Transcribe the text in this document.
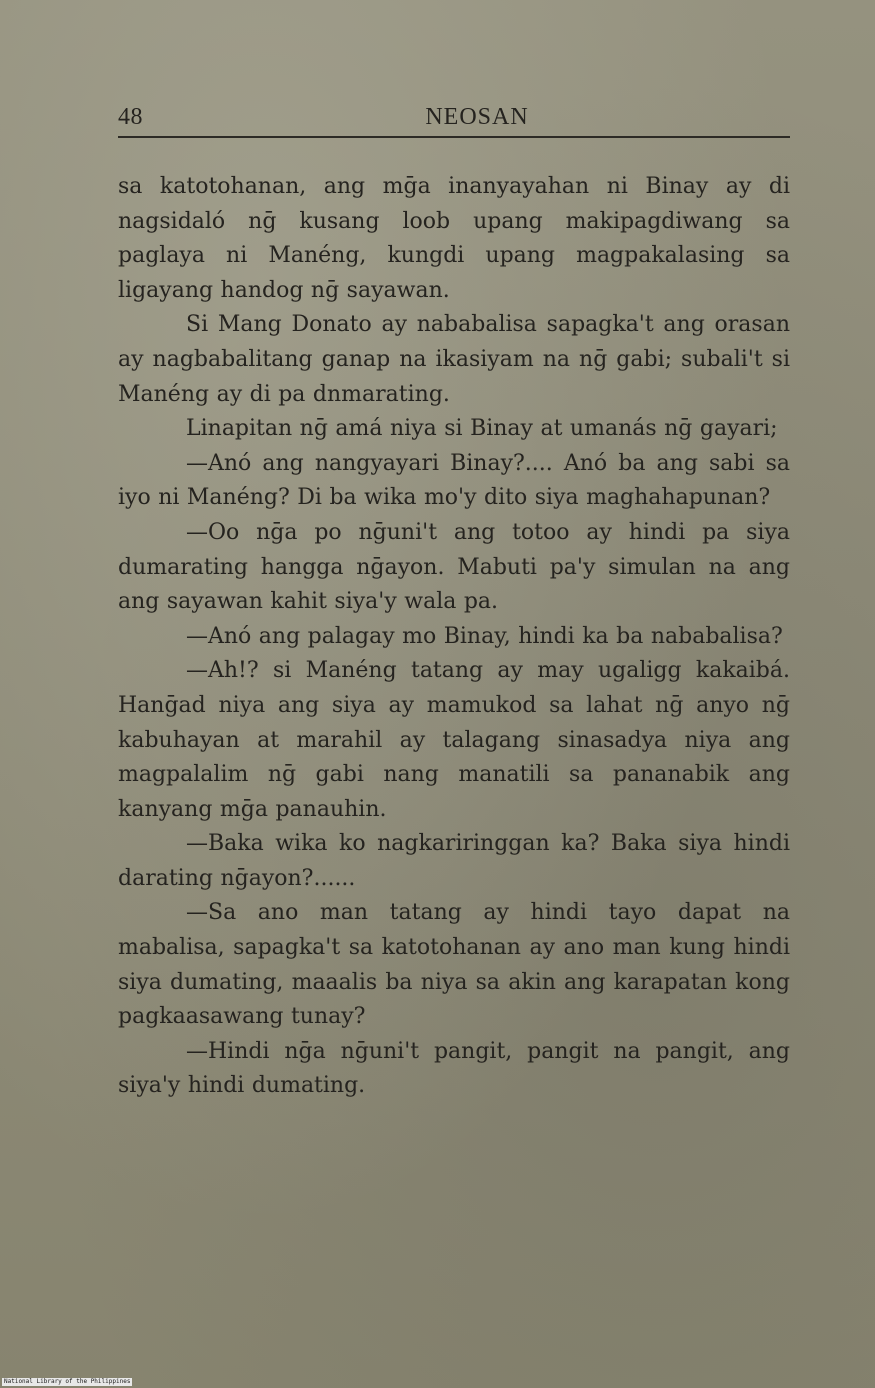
48	NEOSAN

sa katotohanan, ang mḡa inanyayahan ni Binay ay di nagsidaló nḡ kusang loob upang makipagdiwang sa paglaya ni Manéng, kungdi upang magpakalasing sa ligayang handog nḡ sayawan.

Si Mang Donato ay nababalisa sapagka't ang orasan ay nagbabalitang ganap na ikasiyam na nḡ gabi; subali't si Manéng ay di pa dnmarating.

Linapitan nḡ amá niya si Binay at umanás nḡ gayari;

—Anó ang nangyayari Binay?.... Anó ba ang sabi sa iyo ni Manéng? Di ba wika mo'y dito siya maghahapunan?

—Oo nḡa po nḡuni't ang totoo ay hindi pa siya dumarating hangga nḡayon. Mabuti pa'y simulan na ang ang sayawan kahit siya'y wala pa.

—Anó ang palagay mo Binay, hindi ka ba nababalisa?

—Ah!? si Manéng tatang ay may ugaligg kakaibá. Hanḡad niya ang siya ay mamukod sa lahat nḡ anyo nḡ kabuhayan at marahil ay talagang sinasadya niya ang magpalalim nḡ gabi nang manatili sa pananabik ang kanyang mḡa panauhin.

—Baka wika ko nagkariringgan ka? Baka siya hindi darating nḡayon?......

—Sa ano man tatang ay hindi tayo dapat na mabalisa, sapagka't sa katotohanan ay ano man kung hindi siya dumating, maaalis ba niya sa akin ang karapatan kong pagkaasawang tunay?

—Hindi nḡa nḡuni't pangit, pangit na pangit, ang siya'y hindi dumating.

National Library of the Philippines
